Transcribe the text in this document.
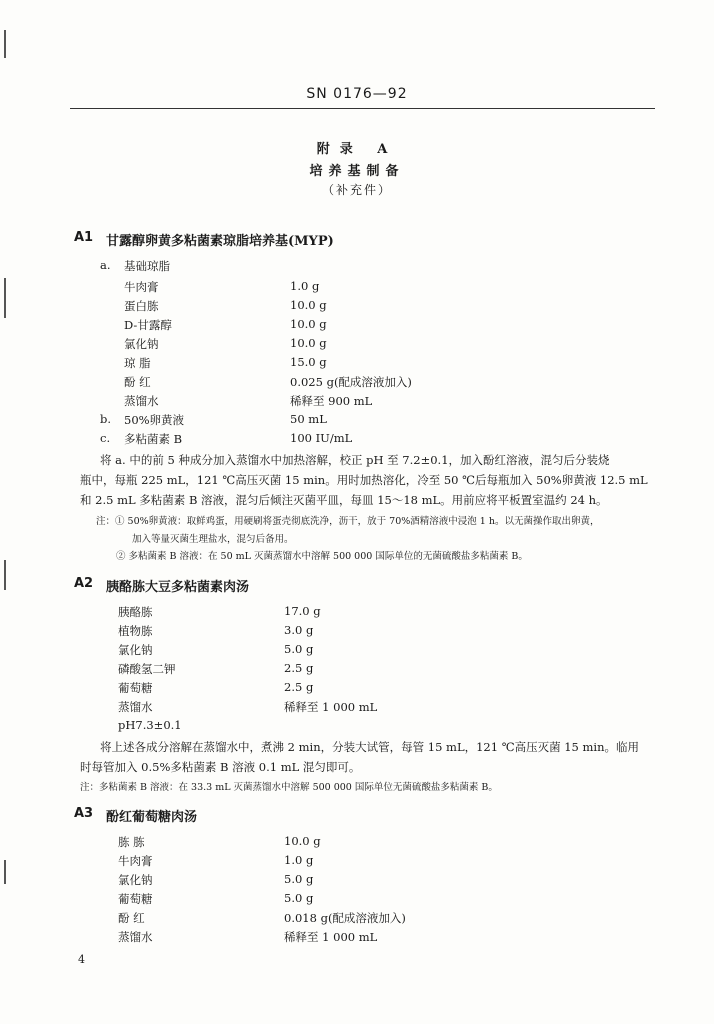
SN 0176—92
附录 A
培养基制备
（补充件）
A1 甘露醇卵黄多粘菌素琼脂培养基(MYP)
a. 基础琼脂
牛肉膏	1.0 g
蛋白胨	10.0 g
D-甘露醇	10.0 g
氯化钠	10.0 g
琼 脂	15.0 g
酚 红	0.025 g(配成溶液加入)
蒸馏水	稀释至 900 mL
b. 50%卵黄液	50 mL
c. 多粘菌素 B	100 IU/mL
将 a. 中的前 5 种成分加入蒸馏水中加热溶解，校正 pH 至 7.2±0.1，加入酚红溶液，混匀后分装烧
瓶中，每瓶 225 mL，121 ℃高压灭菌 15 min。用时加热溶化，冷至 50 ℃后每瓶加入 50%卵黄液 12.5 mL
和 2.5 mL 多粘菌素 B 溶液，混匀后倾注灭菌平皿，每皿 15～18 mL。用前应将平板置室温约 24 h。
注：① 50%卵黄液：取鲜鸡蛋，用硬刷将蛋壳彻底洗净，沥干，放于 70%酒精溶液中浸泡 1 h。以无菌操作取出卵黄，
加入等量灭菌生理盐水，混匀后备用。
② 多粘菌素 B 溶液：在 50 mL 灭菌蒸馏水中溶解 500 000 国际单位的无菌硫酸盐多粘菌素 B。
A2 胰酪胨大豆多粘菌素肉汤
胰酪胨	17.0 g
植物胨	3.0 g
氯化钠	5.0 g
磷酸氢二钾	2.5 g
葡萄糖	2.5 g
蒸馏水	稀释至 1 000 mL
pH7.3±0.1
将上述各成分溶解在蒸馏水中，煮沸 2 min，分装大试管，每管 15 mL，121 ℃高压灭菌 15 min。临用
时每管加入 0.5%多粘菌素 B 溶液 0.1 mL 混匀即可。
注：多粘菌素 B 溶液：在 33.3 mL 灭菌蒸馏水中溶解 500 000 国际单位无菌硫酸盐多粘菌素 B。
A3 酚红葡萄糖肉汤
胨 胨	10.0 g
牛肉膏	1.0 g
氯化钠	5.0 g
葡萄糖	5.0 g
酚 红	0.018 g(配成溶液加入)
蒸馏水	稀释至 1 000 mL
4
